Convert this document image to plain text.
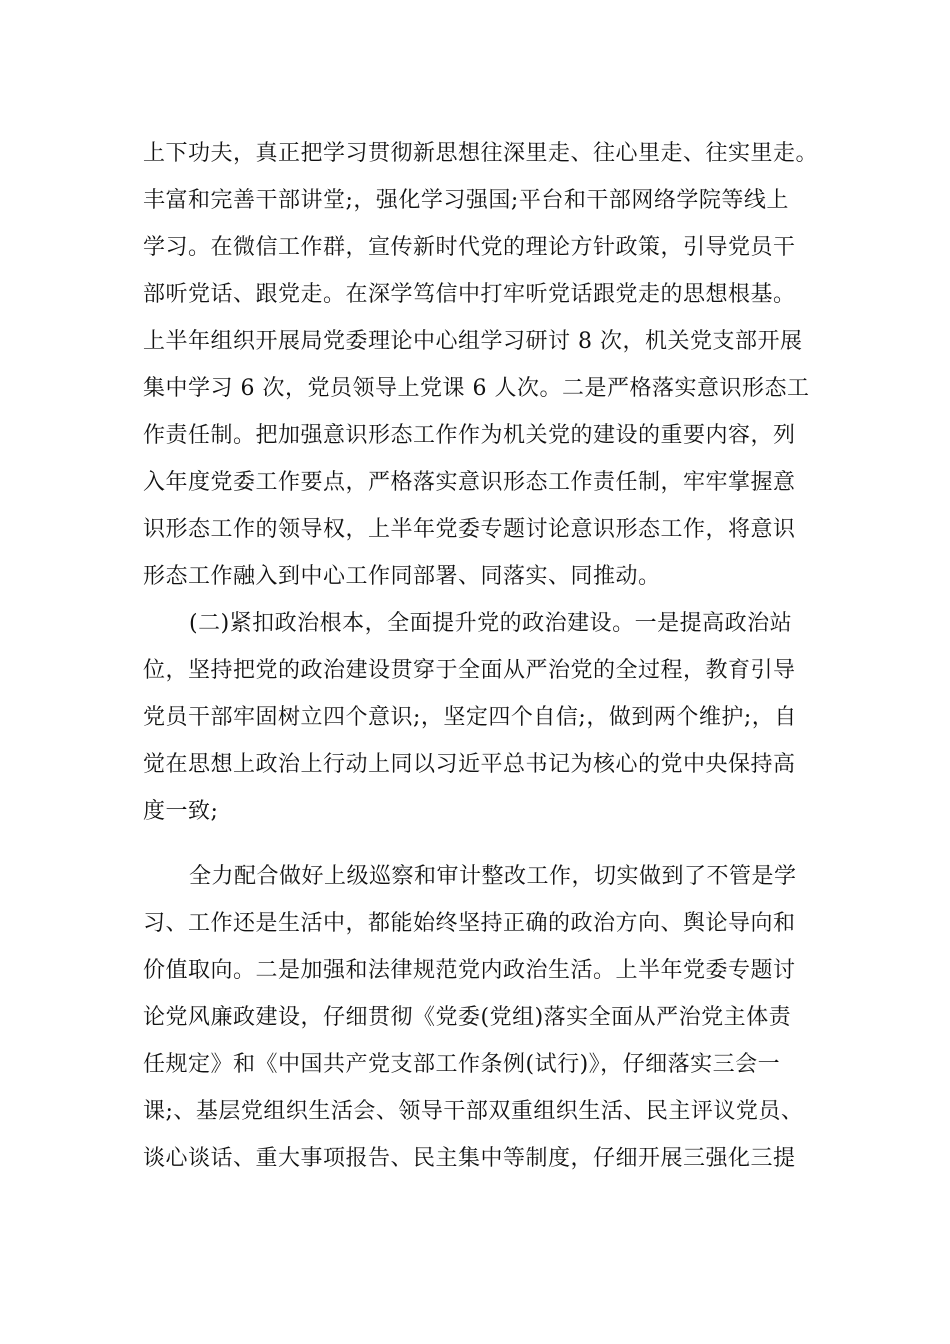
上下功夫，真正把学习贯彻新思想往深里走、往心里走、往实里走。
丰富和完善干部讲堂;，强化学习强国;平台和干部网络学院等线上
学习。在微信工作群，宣传新时代党的理论方针政策，引导党员干
部听党话、跟党走。在深学笃信中打牢听党话跟党走的思想根基。
上半年组织开展局党委理论中心组学习研讨 8 次，机关党支部开展
集中学习 6 次，党员领导上党课 6 人次。二是严格落实意识形态工
作责任制。把加强意识形态工作作为机关党的建设的重要内容，列
入年度党委工作要点，严格落实意识形态工作责任制，牢牢掌握意
识形态工作的领导权，上半年党委专题讨论意识形态工作，将意识
形态工作融入到中心工作同部署、同落实、同推动。
(二)紧扣政治根本，全面提升党的政治建设。一是提高政治站
位，坚持把党的政治建设贯穿于全面从严治党的全过程，教育引导
党员干部牢固树立四个意识;，坚定四个自信;，做到两个维护;，自
觉在思想上政治上行动上同以习近平总书记为核心的党中央保持高
度一致;
全力配合做好上级巡察和审计整改工作，切实做到了不管是学
习、工作还是生活中，都能始终坚持正确的政治方向、舆论导向和
价值取向。二是加强和法律规范党内政治生活。上半年党委专题讨
论党风廉政建设，仔细贯彻《党委(党组)落实全面从严治党主体责
任规定》和《中国共产党支部工作条例(试行)》，仔细落实三会一
课;、基层党组织生活会、领导干部双重组织生活、民主评议党员、
谈心谈话、重大事项报告、民主集中等制度，仔细开展三强化三提
